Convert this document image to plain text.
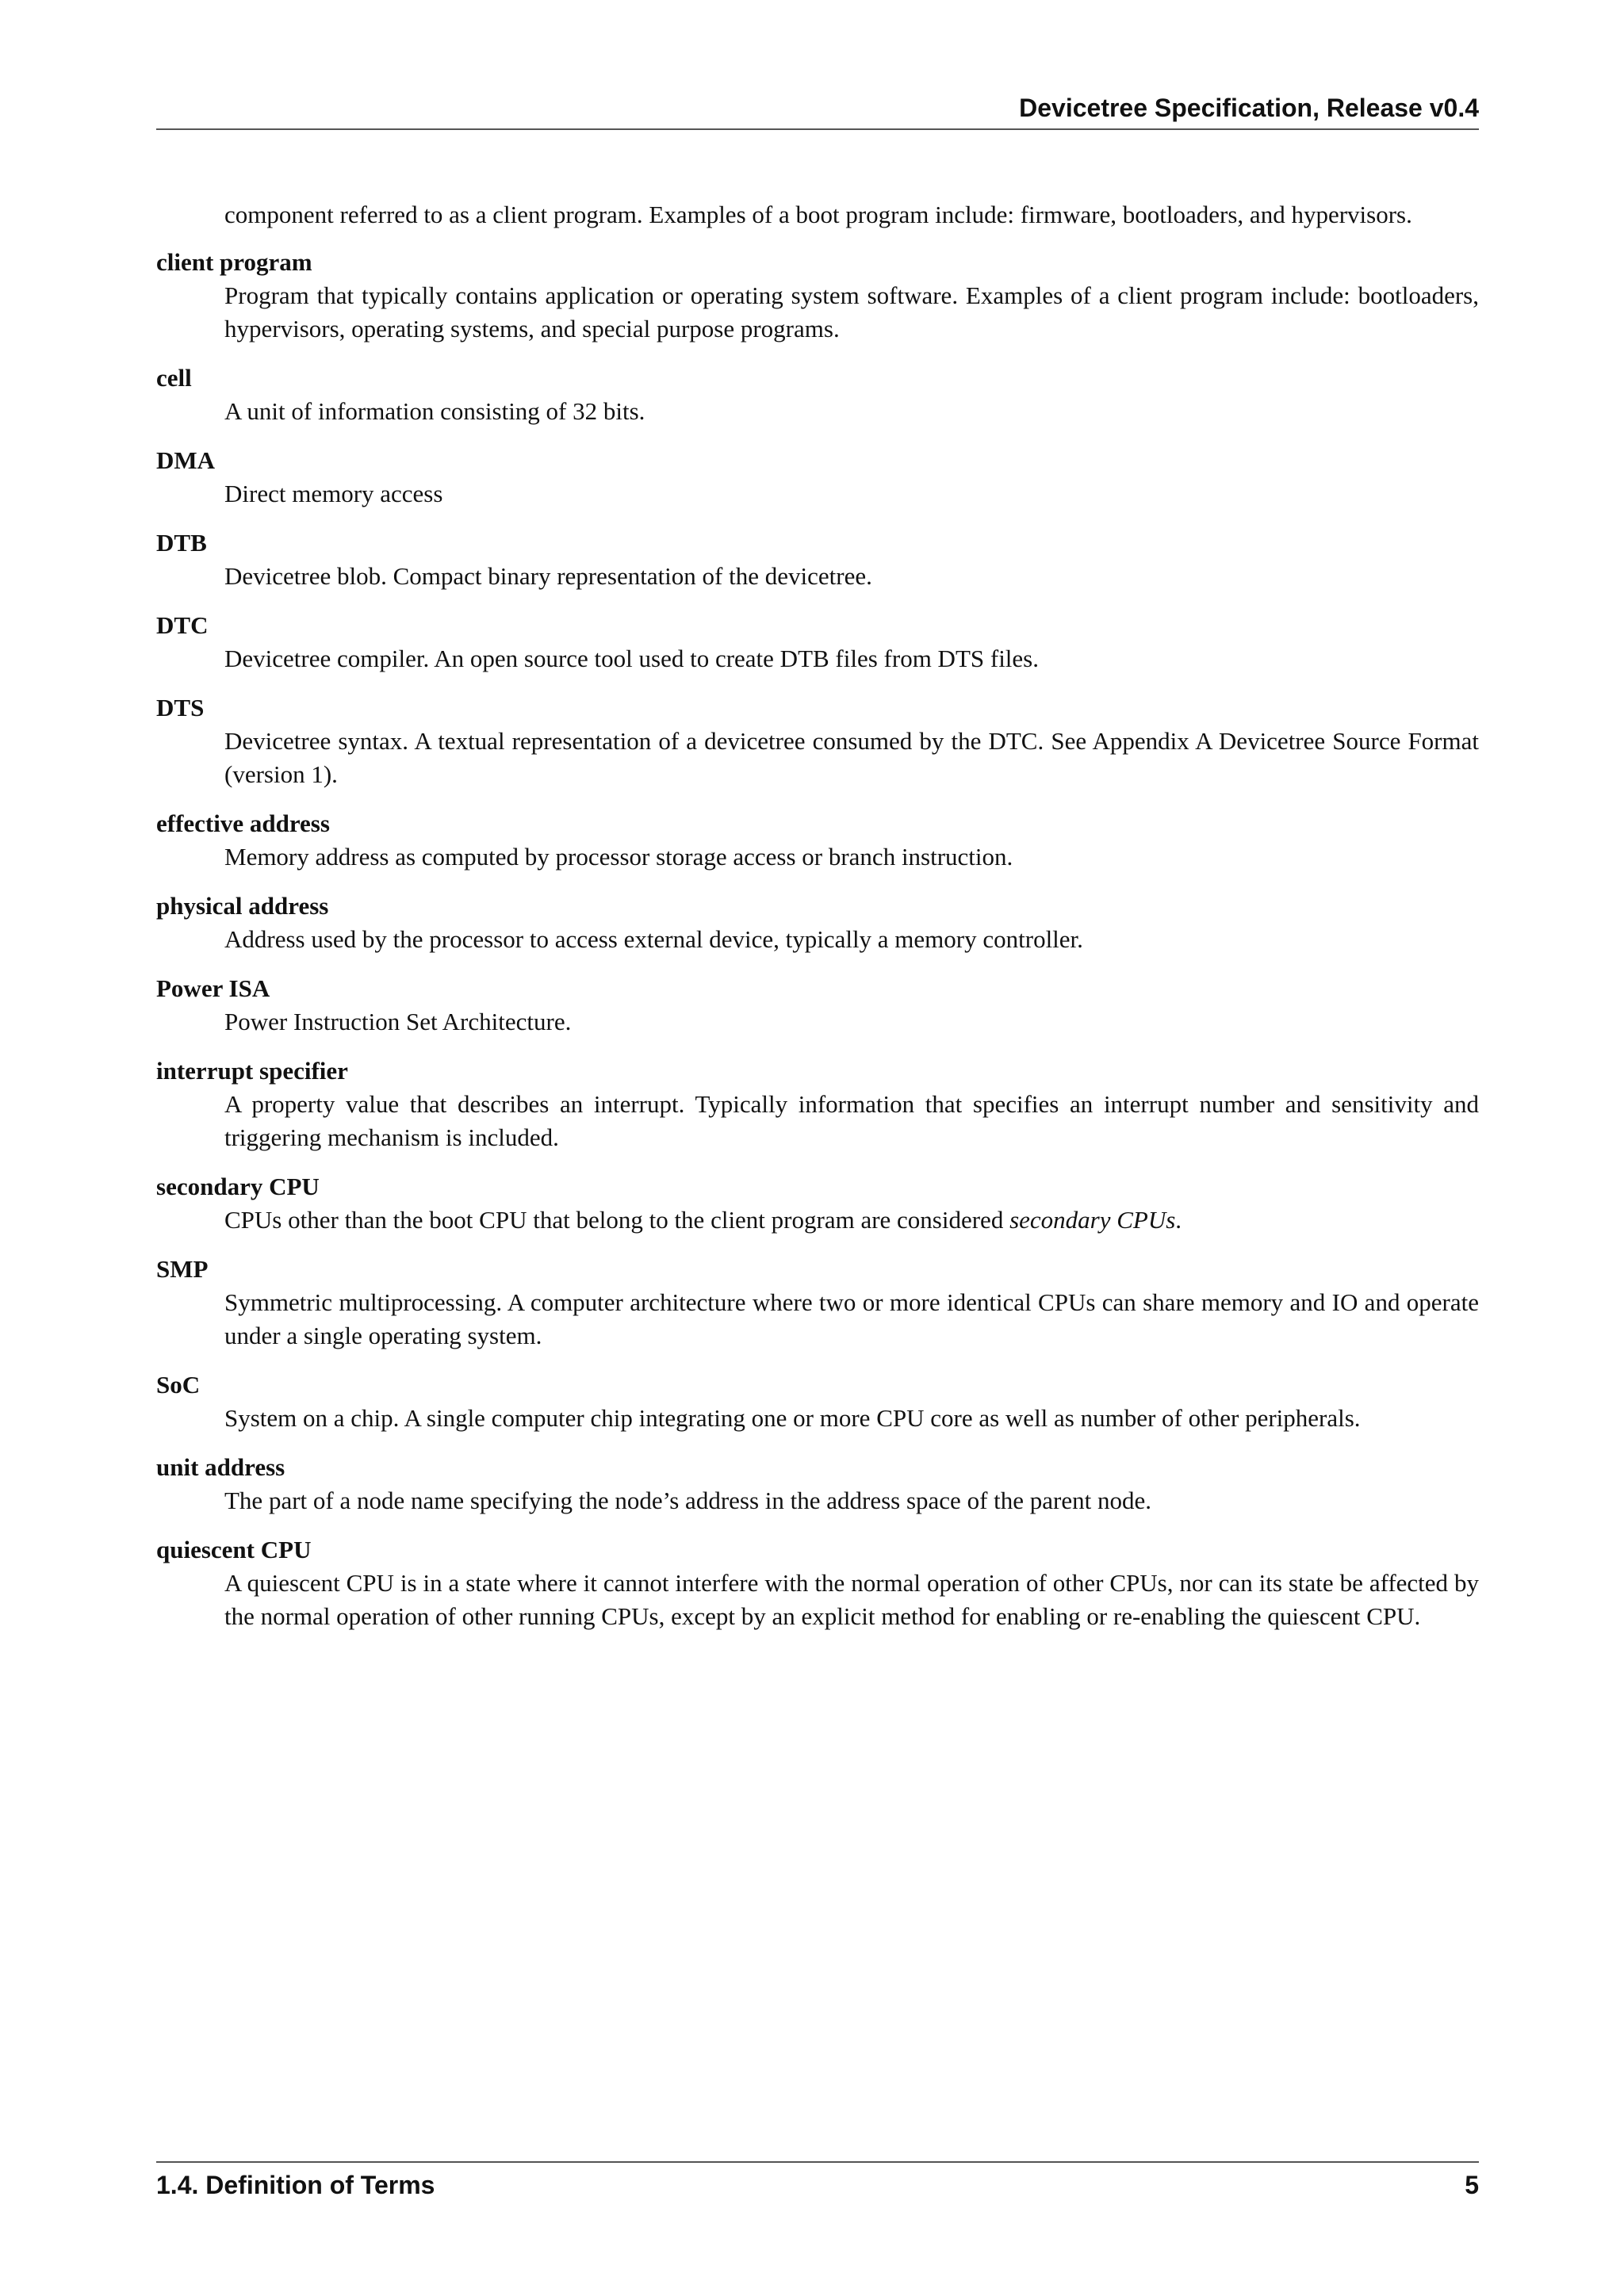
Devicetree Specification, Release v0.4

component referred to as a client program. Examples of a boot program include: firmware, bootloaders, and hypervisors.

client program
Program that typically contains application or operating system software. Examples of a client program include: bootloaders, hypervisors, operating systems, and special purpose programs.
cell
A unit of information consisting of 32 bits.
DMA
Direct memory access
DTB
Devicetree blob. Compact binary representation of the devicetree.
DTC
Devicetree compiler. An open source tool used to create DTB files from DTS files.
DTS
Devicetree syntax. A textual representation of a devicetree consumed by the DTC. See Appendix A Devicetree Source Format (version 1).
effective address
Memory address as computed by processor storage access or branch instruction.
physical address
Address used by the processor to access external device, typically a memory controller.
Power ISA
Power Instruction Set Architecture.
interrupt specifier
A property value that describes an interrupt. Typically information that specifies an interrupt number and sensitivity and triggering mechanism is included.
secondary CPU
CPUs other than the boot CPU that belong to the client program are considered secondary CPUs.
SMP
Symmetric multiprocessing. A computer architecture where two or more identical CPUs can share memory and IO and operate under a single operating system.
SoC
System on a chip. A single computer chip integrating one or more CPU core as well as number of other peripherals.
unit address
The part of a node name specifying the node’s address in the address space of the parent node.
quiescent CPU
A quiescent CPU is in a state where it cannot interfere with the normal operation of other CPUs, nor can its state be affected by the normal operation of other running CPUs, except by an explicit method for enabling or re-enabling the quiescent CPU.
1.4. Definition of Terms	5
